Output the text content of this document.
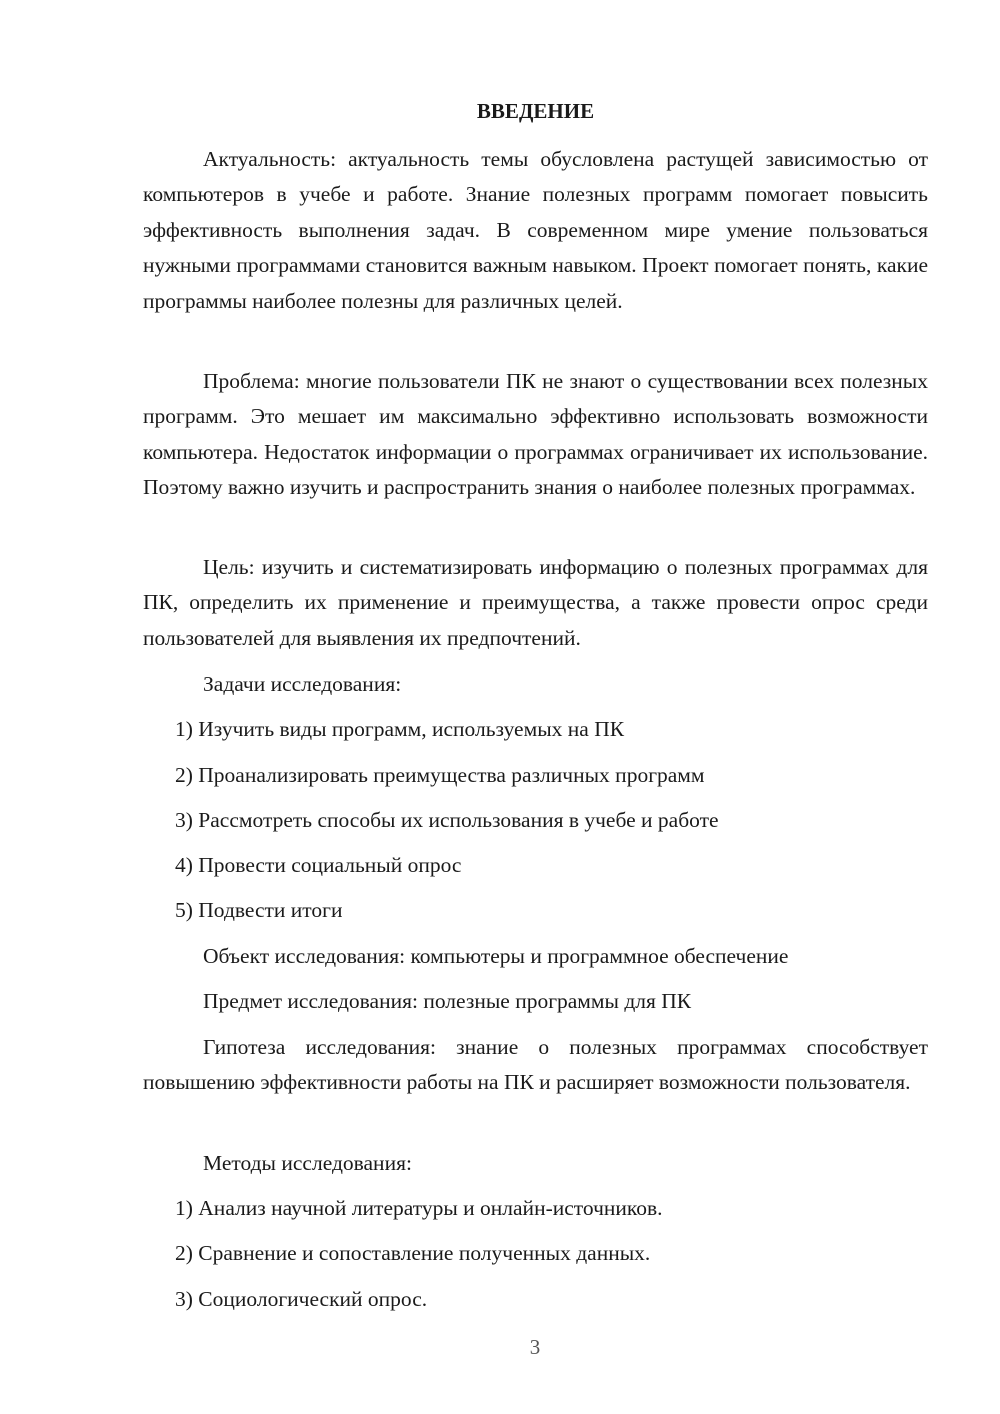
ВВЕДЕНИЕ

Актуальность: актуальность темы обусловлена растущей зависимостью от компьютеров в учебе и работе. Знание полезных программ помогает повысить эффективность выполнения задач. В современном мире умение пользоваться нужными программами становится важным навыком. Проект помогает понять, какие программы наиболее полезны для различных целей.

Проблема: многие пользователи ПК не знают о существовании всех полезных программ. Это мешает им максимально эффективно использовать возможности компьютера. Недостаток информации о программах ограничивает их использование. Поэтому важно изучить и распространить знания о наиболее полезных программах.

Цель: изучить и систематизировать информацию о полезных программах для ПК, определить их применение и преимущества, а также провести опрос среди пользователей для выявления их предпочтений.

Задачи исследования:

1) Изучить виды программ, используемых на ПК

2) Проанализировать преимущества различных программ

3) Рассмотреть способы их использования в учебе и работе

4) Провести социальный опрос

5) Подвести итоги

Объект исследования: компьютеры и программное обеспечение

Предмет исследования: полезные программы для ПК

Гипотеза исследования: знание о полезных программах способствует повышению эффективности работы на ПК и расширяет возможности пользователя.

Методы исследования:

1) Анализ научной литературы и онлайн-источников.

2) Сравнение и сопоставление полученных данных.

3) Социологический опрос.

3
